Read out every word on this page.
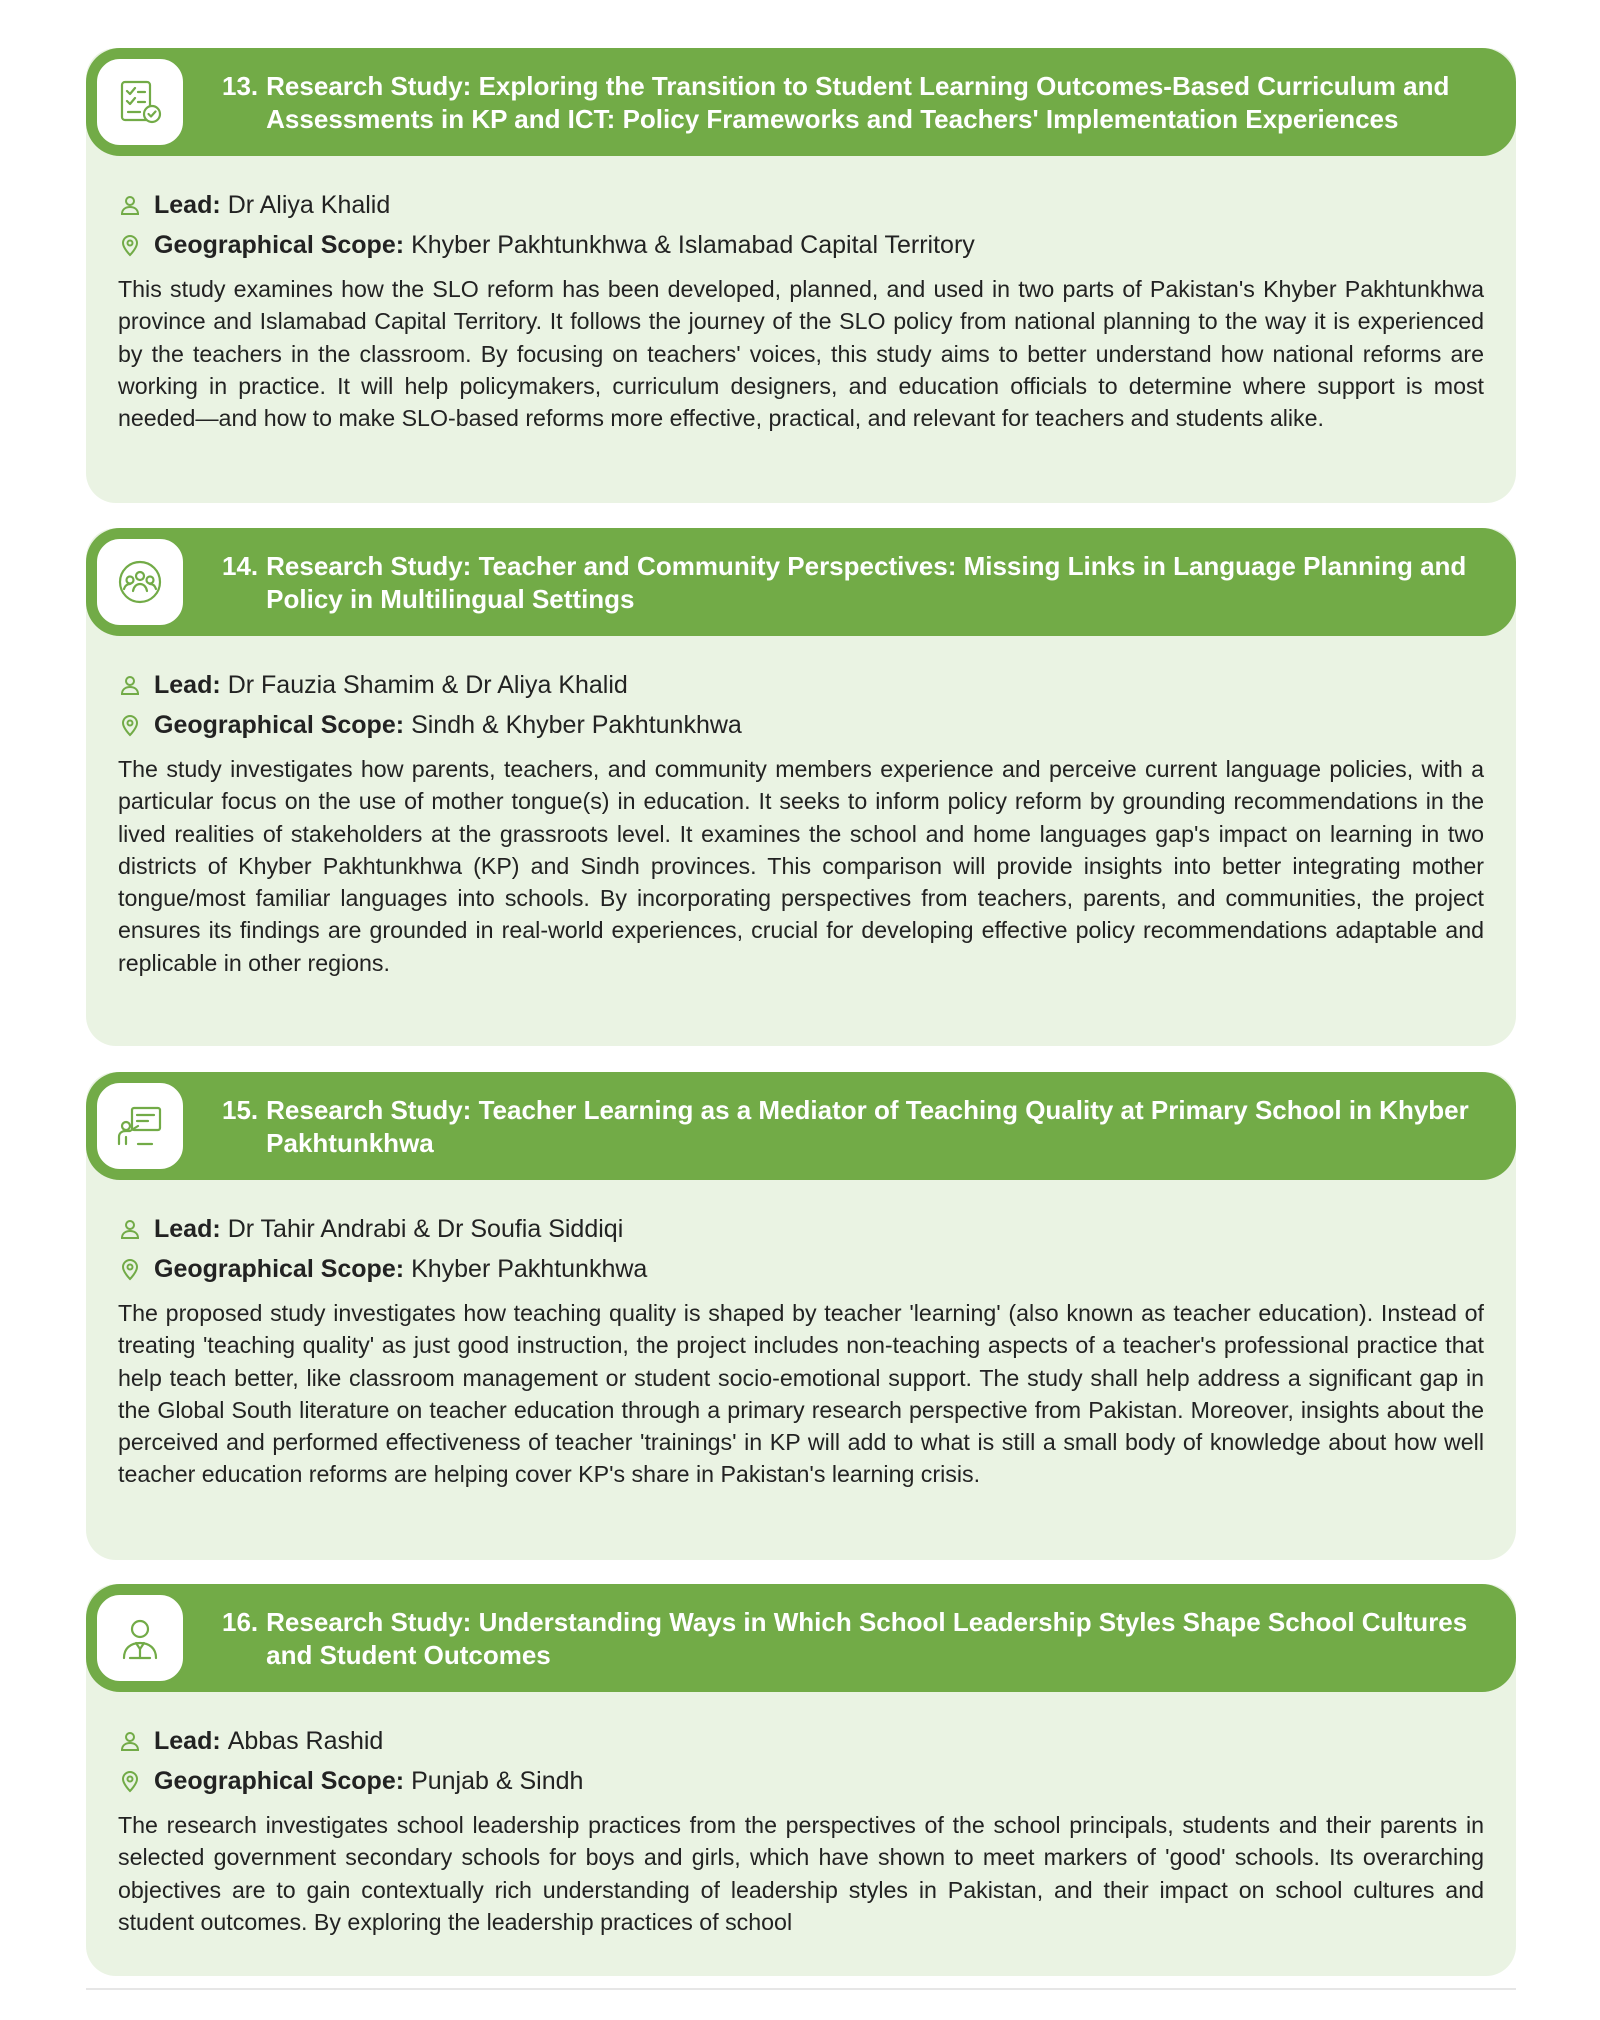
13. Research Study: Exploring the Transition to Student Learning Outcomes-Based Curriculum and Assessments in KP and ICT: Policy Frameworks and Teachers' Implementation Experiences
Lead: Dr Aliya Khalid
Geographical Scope: Khyber Pakhtunkhwa & Islamabad Capital Territory

This study examines how the SLO reform has been developed, planned, and used in two parts of Pakistan's Khyber Pakhtunkhwa province and Islamabad Capital Territory. It follows the journey of the SLO policy from national planning to the way it is experienced by the teachers in the classroom. By focusing on teachers' voices, this study aims to better understand how national reforms are working in practice. It will help policymakers, curriculum designers, and education officials to determine where support is most needed—and how to make SLO-based reforms more effective, practical, and relevant for teachers and students alike.

14. Research Study: Teacher and Community Perspectives: Missing Links in Language Planning and Policy in Multilingual Settings
Lead: Dr Fauzia Shamim & Dr Aliya Khalid
Geographical Scope: Sindh & Khyber Pakhtunkhwa

The study investigates how parents, teachers, and community members experience and perceive current language policies, with a particular focus on the use of mother tongue(s) in education. It seeks to inform policy reform by grounding recommendations in the lived realities of stakeholders at the grassroots level. It examines the school and home languages gap's impact on learning in two districts of Khyber Pakhtunkhwa (KP) and Sindh provinces. This comparison will provide insights into better integrating mother tongue/most familiar languages into schools. By incorporating perspectives from teachers, parents, and communities, the project ensures its findings are grounded in real-world experiences, crucial for developing effective policy recommendations adaptable and replicable in other regions.

15. Research Study: Teacher Learning as a Mediator of Teaching Quality at Primary School in Khyber Pakhtunkhwa
Lead: Dr Tahir Andrabi & Dr Soufia Siddiqi
Geographical Scope: Khyber Pakhtunkhwa

The proposed study investigates how teaching quality is shaped by teacher 'learning' (also known as teacher education). Instead of treating 'teaching quality' as just good instruction, the project includes non-teaching aspects of a teacher's professional practice that help teach better, like classroom management or student socio-emotional support. The study shall help address a significant gap in the Global South literature on teacher education through a primary research perspective from Pakistan. Moreover, insights about the perceived and performed effectiveness of teacher 'trainings' in KP will add to what is still a small body of knowledge about how well teacher education reforms are helping cover KP's share in Pakistan's learning crisis.

16. Research Study: Understanding Ways in Which School Leadership Styles Shape School Cultures and Student Outcomes
Lead: Abbas Rashid
Geographical Scope: Punjab & Sindh

The research investigates school leadership practices from the perspectives of the school principals, students and their parents in selected government secondary schools for boys and girls, which have shown to meet markers of 'good' schools. Its overarching objectives are to gain contextually rich understanding of leadership styles in Pakistan, and their impact on school cultures and student outcomes. By exploring the leadership practices of school
